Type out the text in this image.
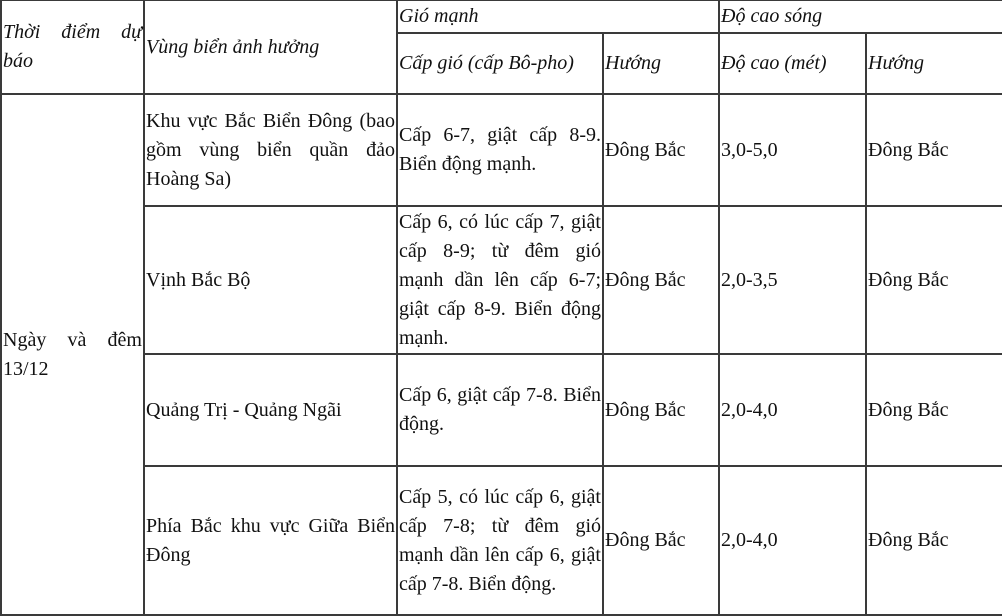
Thời điểm dự báo	Vùng biển ảnh hưởng	Gió mạnh		Độ cao sóng	
		Cấp gió (cấp Bô-pho)	Hướng	Độ cao (mét)	Hướng
Ngày và đêm 13/12	Khu vực Bắc Biển Đông (bao gồm vùng biển quần đảo Hoàng Sa)	Cấp 6-7, giật cấp 8-9. Biển động mạnh.	Đông Bắc	3,0-5,0	Đông Bắc
	Vịnh Bắc Bộ	Cấp 6, có lúc cấp 7, giật cấp 8-9; từ đêm gió mạnh dần lên cấp 6-7; giật cấp 8-9. Biển động mạnh.	Đông Bắc	2,0-3,5	Đông Bắc
	Quảng Trị - Quảng Ngãi	Cấp 6, giật cấp 7-8. Biển động.	Đông Bắc	2,0-4,0	Đông Bắc
	Phía Bắc khu vực Giữa Biển Đông	Cấp 5, có lúc cấp 6, giật cấp 7-8; từ đêm gió mạnh dần lên cấp 6, giật cấp 7-8. Biển động.	Đông Bắc	2,0-4,0	Đông Bắc
